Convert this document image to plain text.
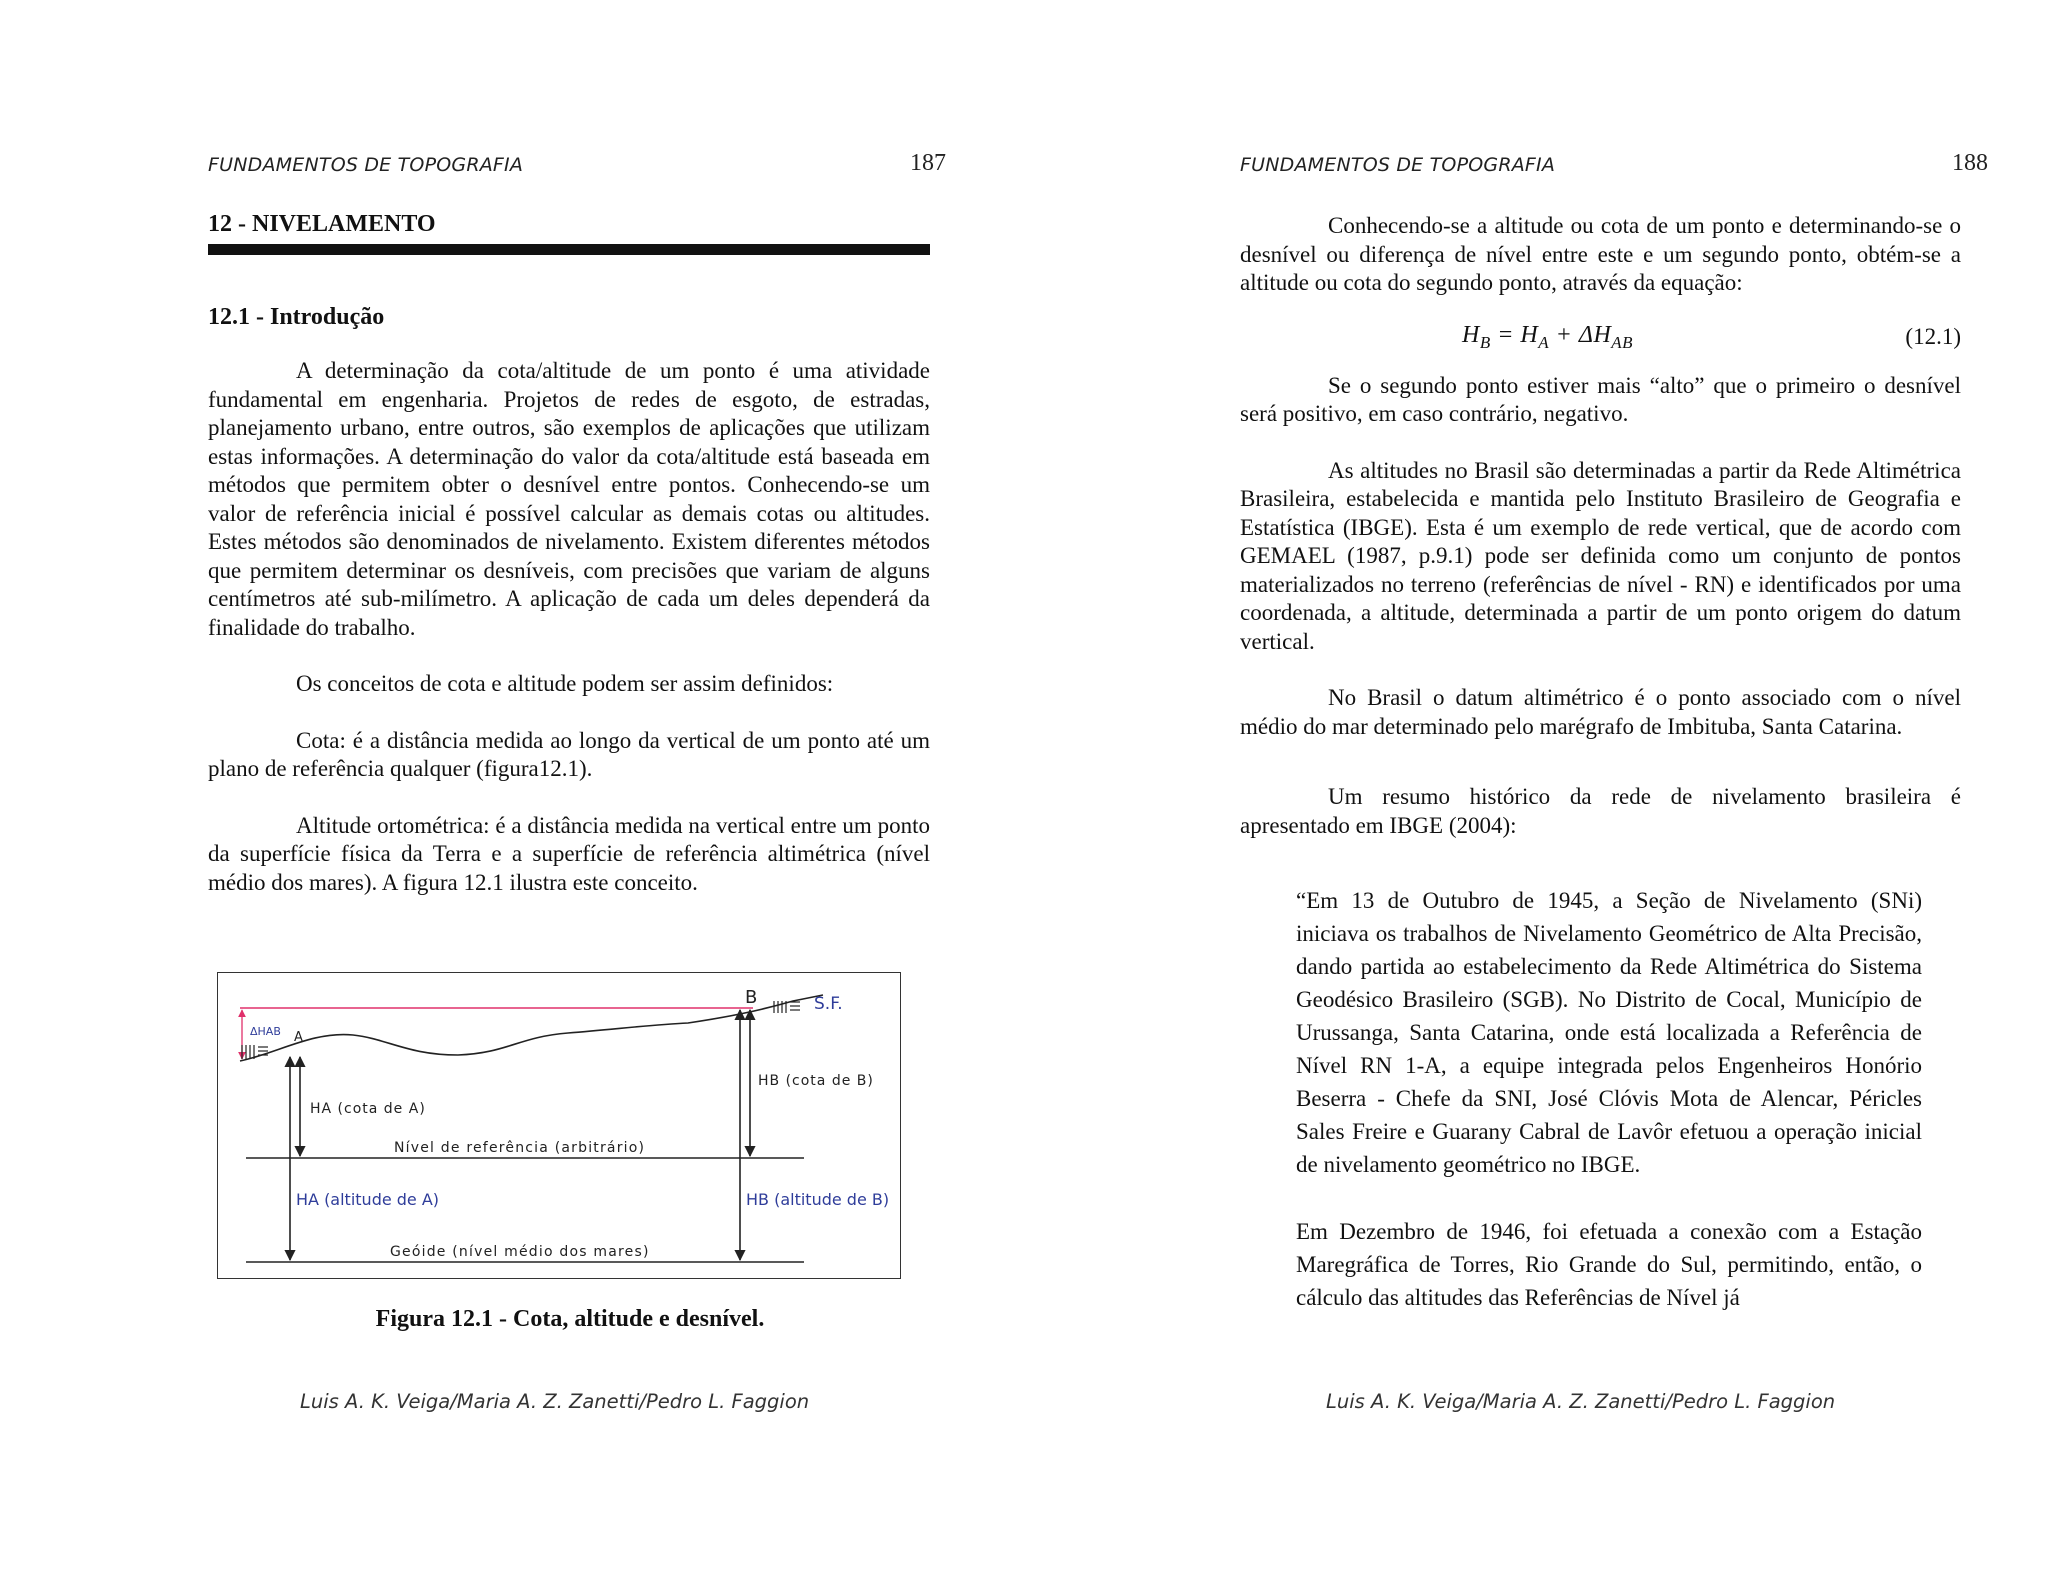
FUNDAMENTOS DE TOPOGRAFIA	187
12 - NIVELAMENTO
12.1 - Introdução

A determinação da cota/altitude de um ponto é uma atividade fundamental em engenharia. Projetos de redes de esgoto, de estradas, planejamento urbano, entre outros, são exemplos de aplicações que utilizam estas informações. A determinação do valor da cota/altitude está baseada em métodos que permitem obter o desnível entre pontos. Conhecendo-se um valor de referência inicial é possível calcular as demais cotas ou altitudes. Estes métodos são denominados de nivelamento. Existem diferentes métodos que permitem determinar os desníveis, com precisões que variam de alguns centímetros até sub-milímetro. A aplicação de cada um deles dependerá da finalidade do trabalho.

Os conceitos de cota e altitude podem ser assim definidos:

Cota: é a distância medida ao longo da vertical de um ponto até um plano de referência qualquer (figura12.1).

Altitude ortométrica: é a distância medida na vertical entre um ponto da superfície física da Terra e a superfície de referência altimétrica (nível médio dos mares). A figura 12.1 ilustra este conceito.

ΔHAB A
B	S.F.
Nível de referência (arbitrário)
Geóide (nível médio dos mares)
HA (cota de A)
HA (altitude de A)
HB (cota de B)
HB (altitude de B)
Figura 12.1 - Cota, altitude e desnível.
Luis A. K. Veiga/Maria A. Z. Zanetti/Pedro L. Faggion
FUNDAMENTOS DE TOPOGRAFIA	188

Conhecendo-se a altitude ou cota de um ponto e determinando-se o desnível ou diferença de nível entre este e um segundo ponto, obtém-se a altitude ou cota do segundo ponto, através da equação:

$H_B = H_A + \Delta H_{AB}$	(12.1)

Se o segundo ponto estiver mais “alto” que o primeiro o desnível será positivo, em caso contrário, negativo.

As altitudes no Brasil são determinadas a partir da Rede Altimétrica Brasileira, estabelecida e mantida pelo Instituto Brasileiro de Geografia e Estatística (IBGE). Esta é um exemplo de rede vertical, que de acordo com GEMAEL (1987, p.9.1) pode ser definida como um conjunto de pontos materializados no terreno (referências de nível - RN) e identificados por uma coordenada, a altitude, determinada a partir de um ponto origem do datum vertical.

No Brasil o datum altimétrico é o ponto associado com o nível médio do mar determinado pelo marégrafo de Imbituba, Santa Catarina.

Um resumo histórico da rede de nivelamento brasileira é apresentado em IBGE (2004):

“Em 13 de Outubro de 1945, a Seção de Nivelamento (SNi) iniciava os trabalhos de Nivelamento Geométrico de Alta Precisão, dando partida ao estabelecimento da Rede Altimétrica do Sistema Geodésico Brasileiro (SGB). No Distrito de Cocal, Município de Urussanga, Santa Catarina, onde está localizada a Referência de Nível RN 1-A, a equipe integrada pelos Engenheiros Honório Beserra - Chefe da SNI, José Clóvis Mota de Alencar, Péricles Sales Freire e Guarany Cabral de Lavôr efetuou a operação inicial de nivelamento geométrico no IBGE.

Em Dezembro de 1946, foi efetuada a conexão com a Estação Maregráfica de Torres, Rio Grande do Sul, permitindo, então, o cálculo das altitudes das Referências de Nível já

Luis A. K. Veiga/Maria A. Z. Zanetti/Pedro L. Faggion
